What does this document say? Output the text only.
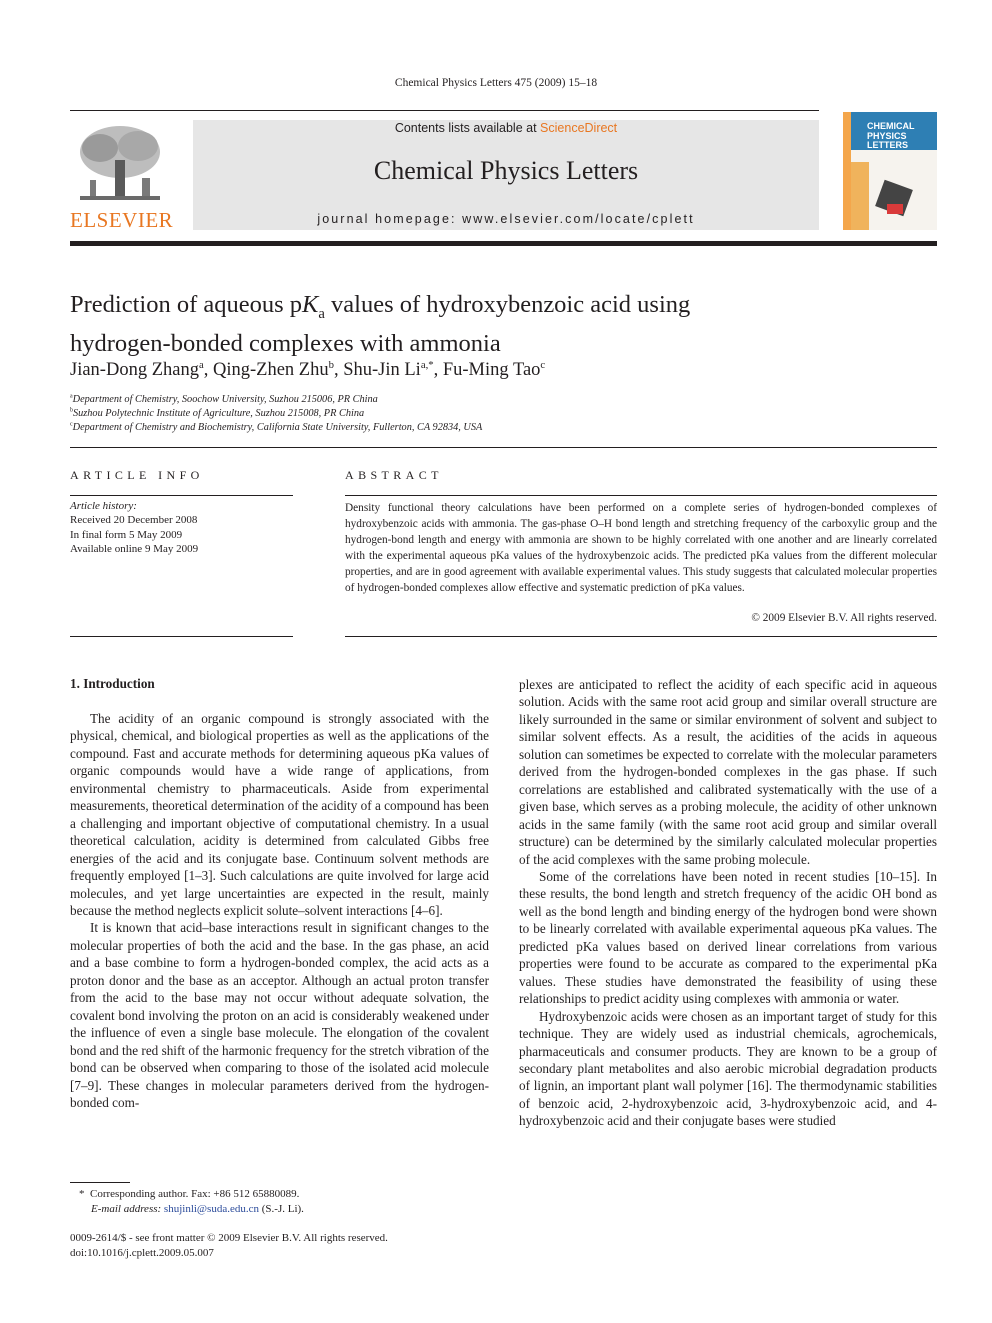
Chemical Physics Letters 475 (2009) 15–18
ELSEVIER
Contents lists available at ScienceDirect
Chemical Physics Letters
journal homepage: www.elsevier.com/locate/cplett
CHEMICAL
PHYSICS
LETTERS
Prediction of aqueous $pK_a$ values of hydroxybenzoic acid using
hydrogen-bonded complexes with ammonia
Jian-Dong Zhang$^a$, Qing-Zhen Zhu$^b$, Shu-Jin $Li^{a,*}$, Fu-Ming Tao$^c$
$^a$Department of Chemistry, Soochow University, Suzhou 215006, PR China
$^b$Suzhou Polytechnic Institute of Agriculture, Suzhou 215008, PR China
$^c$Department of Chemistry and Biochemistry, California State University, Fullerton, CA 92834, USA
ARTICLE INFO
Article history:
Received 20 December 2008
In final form 5 May 2009
Available online 9 May 2009
ABSTRACT
Density functional theory calculations have been performed on a complete series of hydrogen-bonded complexes of hydroxybenzoic acids with ammonia. The gas-phase O–H bond length and stretching frequency of the carboxylic group and the hydrogen-bond length and energy with ammonia are shown to be highly correlated with one another and are linearly correlated with the experimental aqueous pKa values of the hydroxybenzoic acids. The predicted pKa values from the different molecular properties, and are in good agreement with available experimental values. This study suggests that calculated molecular properties of hydrogen-bonded complexes allow effective and systematic prediction of pKa values.
© 2009 Elsevier B.V. All rights reserved.
1. Introduction

The acidity of an organic compound is strongly associated with the physical, chemical, and biological properties as well as the applications of the compound. Fast and accurate methods for determining aqueous pKa values of organic compounds would have a wide range of applications, from environmental chemistry to pharmaceuticals. Aside from experimental measurements, theoretical determination of the acidity of a compound has been a challenging and important objective of computational chemistry. In a usual theoretical calculation, acidity is determined from calculated Gibbs free energies of the acid and its conjugate base. Continuum solvent methods are frequently employed [1–3]. Such calculations are quite involved for large acid molecules, and yet large uncertainties are expected in the result, mainly because the method neglects explicit solute–solvent interactions [4–6].

It is known that acid–base interactions result in significant changes to the molecular properties of both the acid and the base. In the gas phase, an acid and a base combine to form a hydrogen-bonded complex, the acid acts as a proton donor and the base as an acceptor. Although an actual proton transfer from the acid to the base may not occur without adequate solvation, the covalent bond involving the proton on an acid is considerably weakened under the influence of even a single base molecule. The elongation of the covalent bond and the red shift of the harmonic frequency for the stretch vibration of the bond can be observed when comparing to those of the isolated acid molecule [7–9]. These changes in molecular parameters derived from the hydrogen-bonded com-

plexes are anticipated to reflect the acidity of each specific acid in aqueous solution. Acids with the same root acid group and similar overall structure are likely surrounded in the same or similar environment of solvent and subject to similar solvent effects. As a result, the acidities of the acids in aqueous solution can sometimes be expected to correlate with the molecular parameters derived from the hydrogen-bonded complexes in the gas phase. If such correlations are established and calibrated systematically with the use of a given base, which serves as a probing molecule, the acidity of other unknown acids in the same family (with the same root acid group and similar overall structure) can be determined by the similarly calculated molecular properties of the acid complexes with the same probing molecule.

Some of the correlations have been noted in recent studies [10–15]. In these results, the bond length and stretch frequency of the acidic OH bond as well as the bond length and binding energy of the hydrogen bond were shown to be linearly correlated with available experimental aqueous pKa values. The predicted pKa values based on derived linear correlations from various properties were found to be accurate as compared to the experimental pKa values. These studies have demonstrated the feasibility of using these relationships to predict acidity using complexes with ammonia or water.

Hydroxybenzoic acids were chosen as an important target of study for this technique. They are widely used as industrial chemicals, agrochemicals, pharmaceuticals and consumer products. They are known to be a group of secondary plant metabolites and also aerobic microbial degradation products of lignin, an important plant wall polymer [16]. The thermodynamic stabilities of benzoic acid, 2-hydroxybenzoic acid, 3-hydroxybenzoic acid, and 4-hydroxybenzoic acid and their conjugate bases were studied

* Corresponding author. Fax: +86 512 65880089.
E-mail address: shujinli@suda.edu.cn (S.-J. Li).
0009-2614/$ - see front matter © 2009 Elsevier B.V. All rights reserved.
doi:10.1016/j.cplett.2009.05.007
